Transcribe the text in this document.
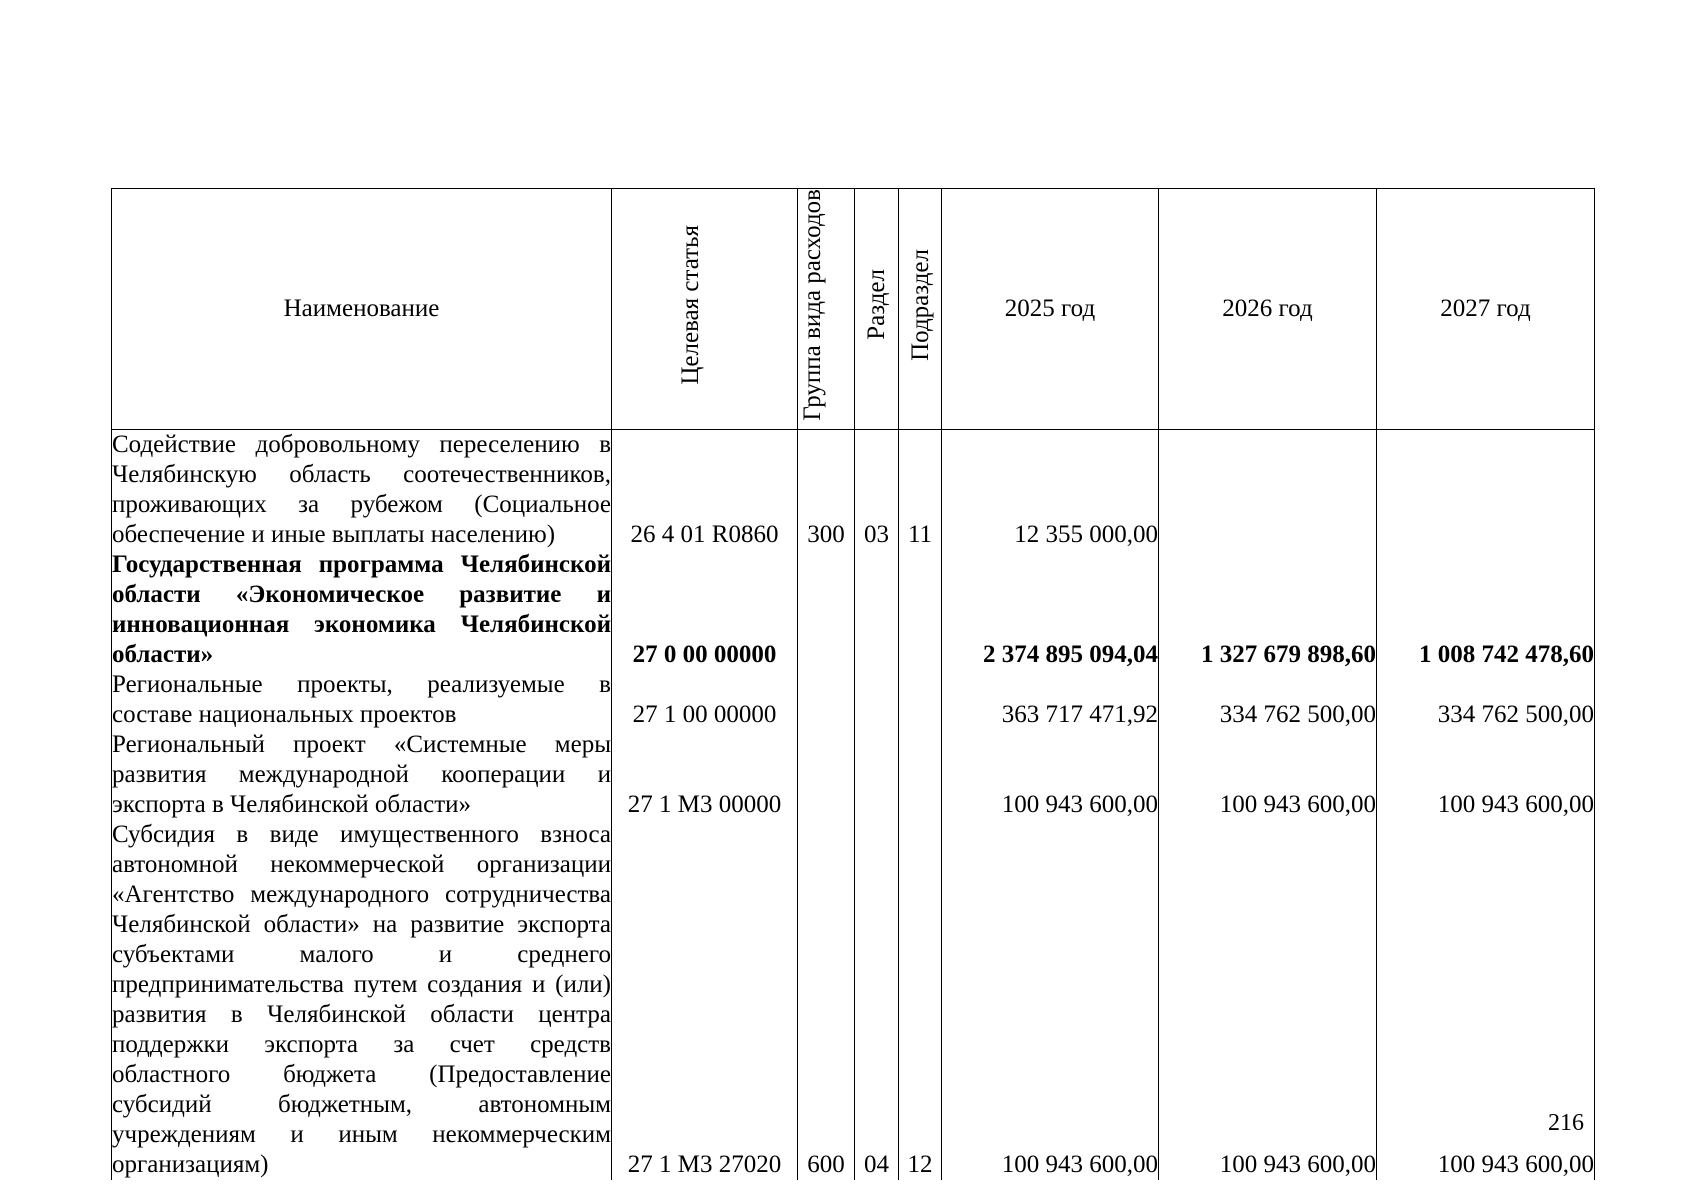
Наименование	Целевая статья	Группа вида расходов	Раздел	Подраздел	2025 год	2026 год	2027 год
Содействие добровольному переселению в Челябинскую область соотечественников, проживающих за рубежом (Социальное обеспечение и иные выплаты населению)	26 4 01 R0860	300	03	11	12 355 000,00		
Государственная программа Челябинской области «Экономическое развитие и инновационная экономика Челябинской области»	27 0 00 00000				2 374 895 094,04	1 327 679 898,60	1 008 742 478,60
Региональные проекты, реализуемые в составе национальных проектов	27 1 00 00000				363 717 471,92	334 762 500,00	334 762 500,00
Региональный проект «Системные меры развития международной кооперации и экспорта в Челябинской области»	27 1 М3 00000				100 943 600,00	100 943 600,00	100 943 600,00
Субсидия в виде имущественного взноса автономной некоммерческой организации «Агентство международного сотрудничества Челябинской области» на развитие экспорта субъектами малого и среднего предпринимательства путем создания и (или) развития в Челябинской области центра поддержки экспорта за счет средств областного бюджета (Предоставление субсидий бюджетным, автономным учреждениям и иным некоммерческим организациям)	27 1 М3 27020	600	04	12	100 943 600,00	100 943 600,00	100 943 600,00
216
